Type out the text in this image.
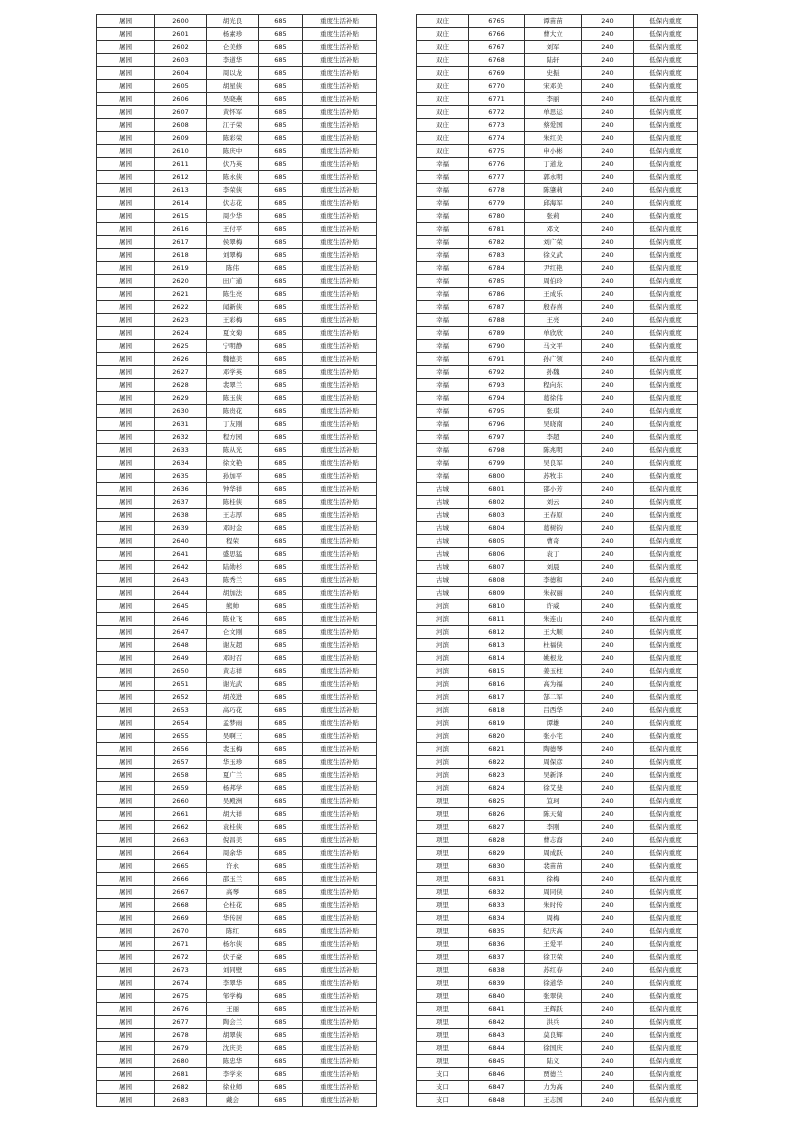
屠园	2600	胡光良	685	重度生活补贴
屠园	2601	杨素珍	685	重度生活补贴
屠园	2602	仑美修	685	重度生活补贴
屠园	2603	李道华	685	重度生活补贴
屠园	2604	周以龙	685	重度生活补贴
屠园	2605	胡星侠	685	重度生活补贴
屠园	2606	吴晓燕	685	重度生活补贴
屠园	2607	黄怀军	685	重度生活补贴
屠园	2608	江子荣	685	重度生活补贴
屠园	2609	陈彩荣	685	重度生活补贴
屠园	2610	陈庆中	685	重度生活补贴
屠园	2611	伏乃英	685	重度生活补贴
屠园	2612	陈永侠	685	重度生活补贴
屠园	2613	李荣侠	685	重度生活补贴
屠园	2614	伏志花	685	重度生活补贴
屠园	2615	周少华	685	重度生活补贴
屠园	2616	王付平	685	重度生活补贴
屠园	2617	侯翠梅	685	重度生活补贴
屠园	2618	刘翠梅	685	重度生活补贴
屠园	2619	陈伟	685	重度生活补贴
屠园	2620	田广通	685	重度生活补贴
屠园	2621	陈生亮	685	重度生活补贴
屠园	2622	闻新侠	685	重度生活补贴
屠园	2623	王彩梅	685	重度生活补贴
屠园	2624	夏文菊	685	重度生活补贴
屠园	2625	宁明静	685	重度生活补贴
屠园	2626	魏德美	685	重度生活补贴
屠园	2627	邓学英	685	重度生活补贴
屠园	2628	裴翠兰	685	重度生活补贴
屠园	2629	陈玉侠	685	重度生活补贴
屠园	2630	陈贵花	685	重度生活补贴
屠园	2631	丁友刚	685	重度生活补贴
屠园	2632	程方园	685	重度生活补贴
屠园	2633	陈从光	685	重度生活补贴
屠园	2634	徐文艳	685	重度生活补贴
屠园	2635	孙加平	685	重度生活补贴
屠园	2636	钟华祥	685	重度生活补贴
屠园	2637	陈桂侠	685	重度生活补贴
屠园	2638	王志厚	685	重度生活补贴
屠园	2639	邓时金	685	重度生活补贴
屠园	2640	程荣	685	重度生活补贴
屠园	2641	盛思猛	685	重度生活补贴
屠园	2642	陆勋杉	685	重度生活补贴
屠园	2643	陈秀兰	685	重度生活补贴
屠园	2644	胡加法	685	重度生活补贴
屠园	2645	熊帅	685	重度生活补贴
屠园	2646	陈业飞	685	重度生活补贴
屠园	2647	仑文刚	685	重度生活补贴
屠园	2648	谢友超	685	重度生活补贴
屠园	2649	邓时召	685	重度生活补贴
屠园	2650	黄志祥	685	重度生活补贴
屠园	2651	谢光武	685	重度生活补贴
屠园	2652	胡茂进	685	重度生活补贴
屠园	2653	高巧花	685	重度生活补贴
屠园	2654	孟梦雨	685	重度生活补贴
屠园	2655	吴啊三	685	重度生活补贴
屠园	2656	裴玉梅	685	重度生活补贴
屠园	2657	华玉珍	685	重度生活补贴
屠园	2658	夏广兰	685	重度生活补贴
屠园	2659	杨邦学	685	重度生活补贴
屠园	2660	吴殿洲	685	重度生活补贴
屠园	2661	胡大祥	685	重度生活补贴
屠园	2662	袁桂侠	685	重度生活补贴
屠园	2663	倪昌美	685	重度生活补贴
屠园	2664	周余华	685	重度生活补贴
屠园	2665	许永	685	重度生活补贴
屠园	2666	邵玉兰	685	重度生活补贴
屠园	2667	高琴	685	重度生活补贴
屠园	2668	仑桂花	685	重度生活补贴
屠园	2669	华传居	685	重度生活补贴
屠园	2670	陈红	685	重度生活补贴
屠园	2671	杨尔侠	685	重度生活补贴
屠园	2672	伏子豪	685	重度生活补贴
屠园	2673	刘同壁	685	重度生活补贴
屠园	2674	李翠华	685	重度生活补贴
屠园	2675	邹学梅	685	重度生活补贴
屠园	2676	王丽	685	重度生活补贴
屠园	2677	陶会兰	685	重度生活补贴
屠园	2678	胡翠侠	685	重度生活补贴
屠园	2679	沈庆美	685	重度生活补贴
屠园	2680	陈忠华	685	重度生活补贴
屠园	2681	李学来	685	重度生活补贴
屠园	2682	徐业师	685	重度生活补贴
屠园	2683	戴会	685	重度生活补贴
双庄	6765	谭苗苗	240	低保内重度
双庄	6766	曹大立	240	低保内重度
双庄	6767	刘军	240	低保内重度
双庄	6768	陆轩	240	低保内重度
双庄	6769	史振	240	低保内重度
双庄	6770	宋邓美	240	低保内重度
双庄	6771	李丽	240	低保内重度
双庄	6772	单思运	240	低保内重度
双庄	6773	蔡爱国	240	低保内重度
双庄	6774	朱红美	240	低保内重度
双庄	6775	申小彬	240	低保内重度
幸福	6776	丁道龙	240	低保内重度
幸福	6777	郭永明	240	低保内重度
幸福	6778	陈肇莉	240	低保内重度
幸福	6779	邱海军	240	低保内重度
幸福	6780	张莉	240	低保内重度
幸福	6781	邓文	240	低保内重度
幸福	6782	刘广荣	240	低保内重度
幸福	6783	徐义武	240	低保内重度
幸福	6784	尹红艳	240	低保内重度
幸福	6785	周伯玲	240	低保内重度
幸福	6786	王成乐	240	低保内重度
幸福	6787	殷春喜	240	低保内重度
幸福	6788	王亮	240	低保内重度
幸福	6789	单欣欣	240	低保内重度
幸福	6790	马文平	240	低保内重度
幸福	6791	孙广领	240	低保内重度
幸福	6792	孙魏	240	低保内重度
幸福	6793	程向东	240	低保内重度
幸福	6794	葛徐伟	240	低保内重度
幸福	6795	张琪	240	低保内重度
幸福	6796	吴晓南	240	低保内重度
幸福	6797	李超	240	低保内重度
幸福	6798	陈兆明	240	低保内重度
幸福	6799	吴良军	240	低保内重度
幸福	6800	苏牧丰	240	低保内重度
古城	6801	邵小芳	240	低保内重度
古城	6802	刘云	240	低保内重度
古城	6803	王春原	240	低保内重度
古城	6804	葛树钧	240	低保内重度
古城	6805	曹奇	240	低保内重度
古城	6806	袁丁	240	低保内重度
古城	6807	刘晨	240	低保内重度
古城	6808	李德和	240	低保内重度
古城	6809	朱叔丽	240	低保内重度
河滨	6810	许威	240	低保内重度
河滨	6811	朱连山	240	低保内重度
河滨	6812	王大顺	240	低保内重度
河滨	6813	杜福侠	240	低保内重度
河滨	6814	姚根龙	240	低保内重度
河滨	6815	姜玉柱	240	低保内重度
河滨	6816	高为福	240	低保内重度
河滨	6817	郜二军	240	低保内重度
河滨	6818	吕西华	240	低保内重度
河滨	6819	谭雄	240	低保内重度
河滨	6820	张小宅	240	低保内重度
河滨	6821	陶德琴	240	低保内重度
河滨	6822	周保彦	240	低保内重度
河滨	6823	吴新泽	240	低保内重度
河滨	6824	徐艾斐	240	低保内重度
项里	6825	笪珂	240	低保内重度
项里	6826	陈天菊	240	低保内重度
项里	6827	李刚	240	低保内重度
项里	6828	曹志裔	240	低保内重度
项里	6829	周成跃	240	低保内重度
项里	6830	裴苗苗	240	低保内重度
项里	6831	徐梅	240	低保内重度
项里	6832	周同侠	240	低保内重度
项里	6833	朱时传	240	低保内重度
项里	6834	周梅	240	低保内重度
项里	6835	纪庆高	240	低保内重度
项里	6836	王爱平	240	低保内重度
项里	6837	徐卫荣	240	低保内重度
项里	6838	苏红春	240	低保内重度
项里	6839	徐道华	240	低保内重度
项里	6840	张翠侠	240	低保内重度
项里	6841	王辉跃	240	低保内重度
项里	6842	洪兵	240	低保内重度
项里	6843	莫良辉	240	低保内重度
项里	6844	徐国庆	240	低保内重度
项里	6845	陆义	240	低保内重度
支口	6846	贾德兰	240	低保内重度
支口	6847	力为高	240	低保内重度
支口	6848	王志国	240	低保内重度
